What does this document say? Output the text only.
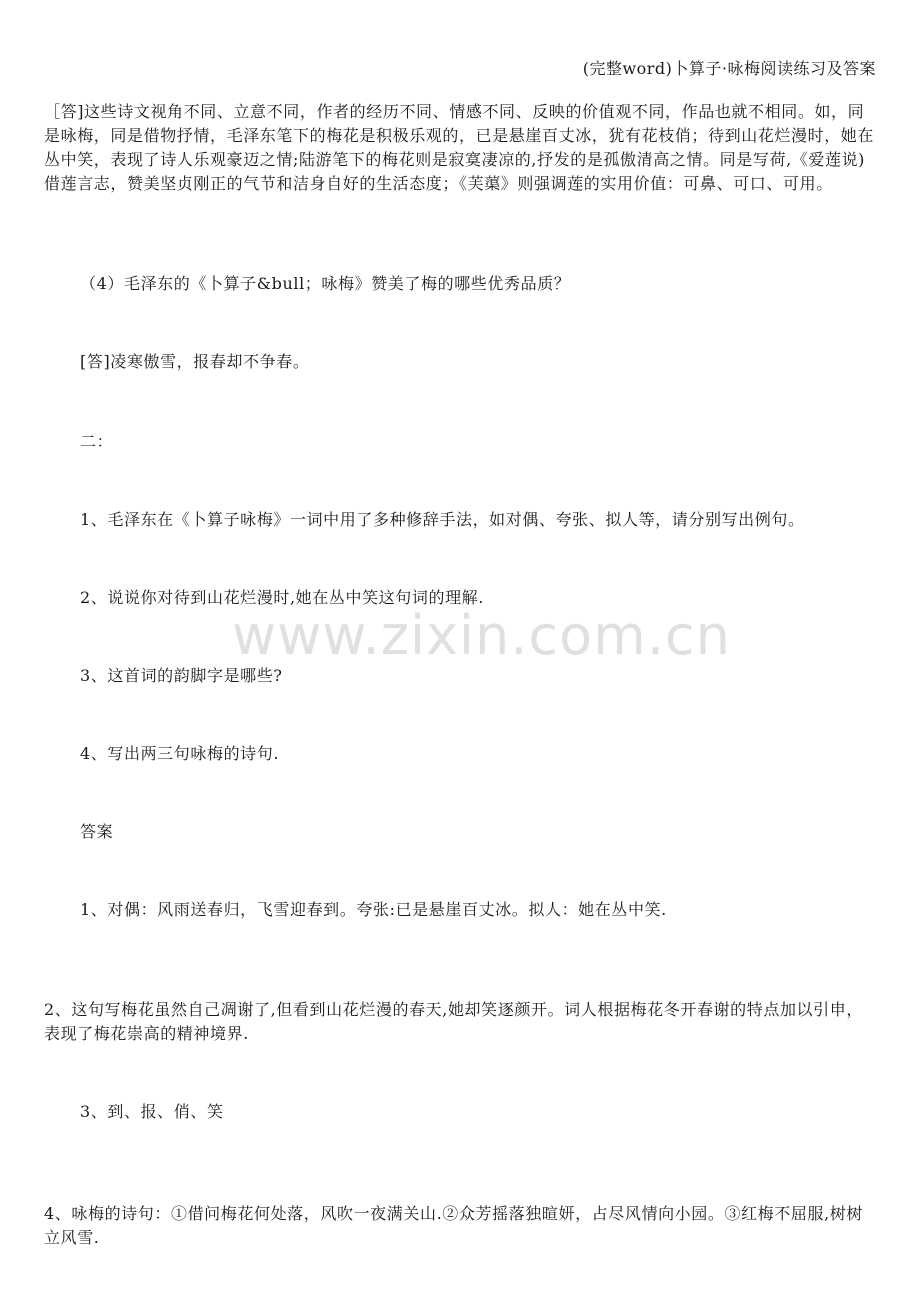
(完整word)卜算子·咏梅阅读练习及答案
［答]这些诗文视角不同、立意不同，作者的经历不同、情感不同、反映的价值观不同，作品也就不相同。如，同是咏梅，同是借物抒情，毛泽东笔下的梅花是积极乐观的，已是悬崖百丈冰，犹有花枝俏；待到山花烂漫时，她在丛中笑，表现了诗人乐观豪迈之情;陆游笔下的梅花则是寂寞凄凉的,抒发的是孤傲清高之情。同是写荷,《爱莲说)借莲言志，赞美坚贞刚正的气节和洁身自好的生活态度；《芙蕖》则强调莲的实用价值：可鼻、可口、可用。
（4）毛泽东的《卜算子&bull；咏梅》赞美了梅的哪些优秀品质？
[答]凌寒傲雪，报春却不争春。
二：
1、毛泽东在《卜算子咏梅》一词中用了多种修辞手法，如对偶、夸张、拟人等，请分别写出例句。
2、说说你对待到山花烂漫时,她在丛中笑这句词的理解.
3、这首词的韵脚字是哪些?
4、写出两三句咏梅的诗句.
答案
1、对偶：风雨送春归，飞雪迎春到。夸张:已是悬崖百丈冰。拟人：她在丛中笑.
2、这句写梅花虽然自己凋谢了,但看到山花烂漫的春天,她却笑逐颜开。词人根据梅花冬开春谢的特点加以引申，表现了梅花崇高的精神境界.
3、到、报、俏、笑
4、咏梅的诗句：①借问梅花何处落，风吹一夜满关山.②众芳摇落独暄妍，占尽风情向小园。③红梅不屈服,树树立风雪.
www.zixin.com.cn
